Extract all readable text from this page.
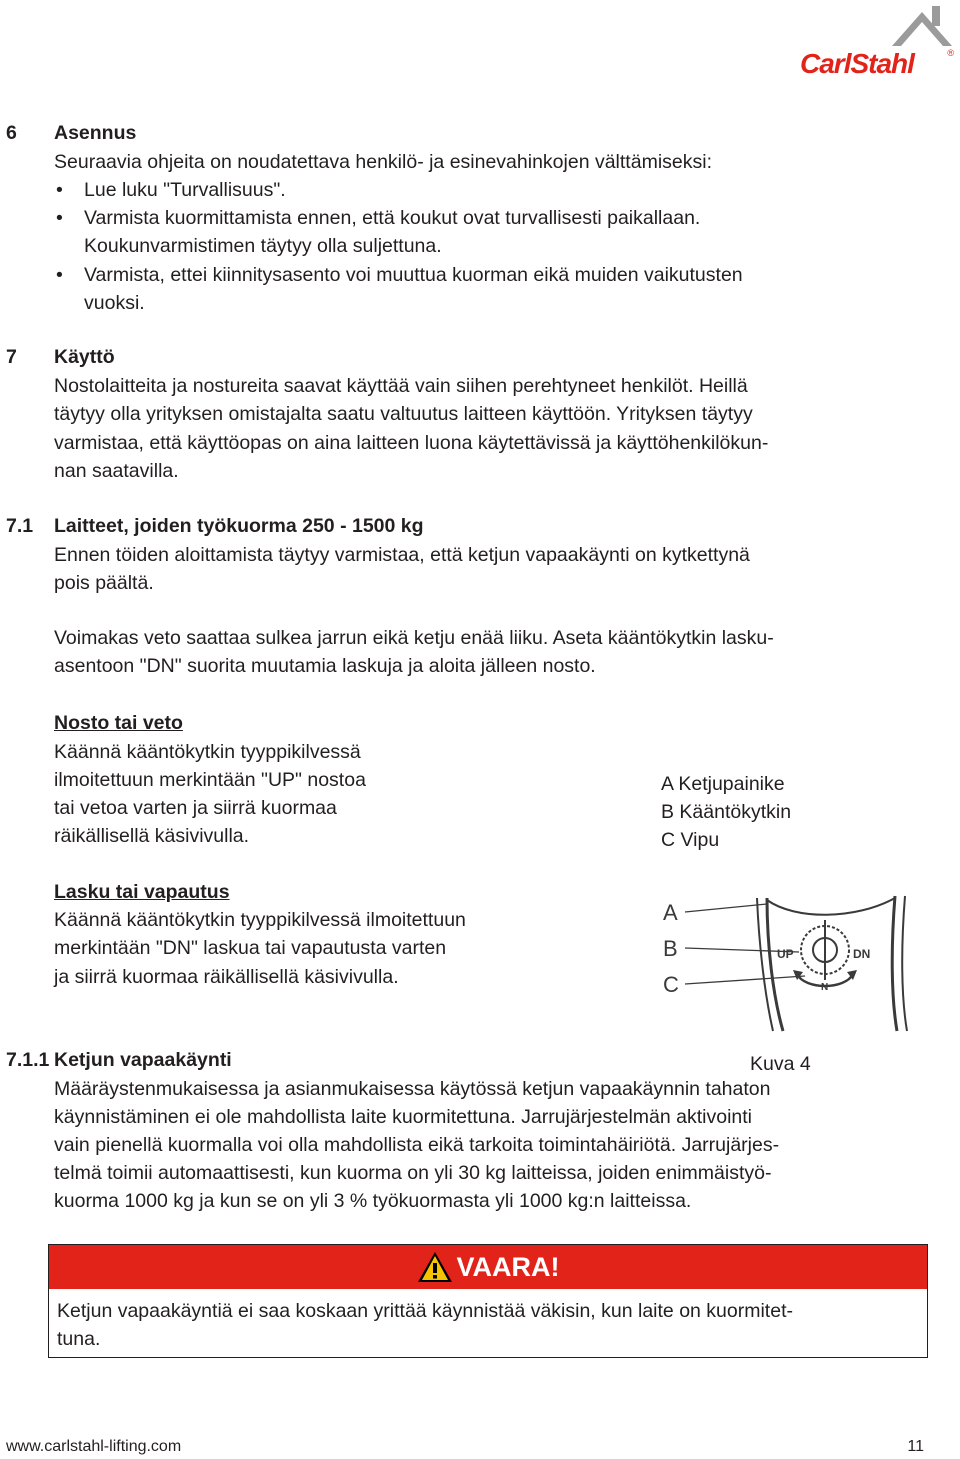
CarlStahl	®
6 Asennus
Seuraavia ohjeita on noudatettava henkilö- ja esinevahinkojen välttämiseksi:
• Lue luku "Turvallisuus".
• Varmista kuormittamista ennen, että koukut ovat turvallisesti paikallaan.
Koukunvarmistimen täytyy olla suljettuna.
• Varmista, ettei kiinnitysasento voi muuttua kuorman eikä muiden vaikutusten
vuoksi.
7 Käyttö
Nostolaitteita ja nostureita saavat käyttää vain siihen perehtyneet henkilöt. Heillä
täytyy olla yrityksen omistajalta saatu valtuutus laitteen käyttöön. Yrityksen täytyy
varmistaa, että käyttöopas on aina laitteen luona käytettävissä ja käyttöhenkilökun-
nan saatavilla.
7.1 Laitteet, joiden työkuorma 250 - 1500 kg
Ennen töiden aloittamista täytyy varmistaa, että ketjun vapaakäynti on kytkettynä
pois päältä.
Voimakas veto saattaa sulkea jarrun eikä ketju enää liiku. Aseta kääntökytkin lasku-
asentoon "DN" suorita muutamia laskuja ja aloita jälleen nosto.
Nosto tai veto
Käännä kääntökytkin tyyppikilvessä
ilmoitettuun merkintään "UP" nostoa
tai vetoa varten ja siirrä kuormaa
räikällisellä käsivivulla.
A Ketjupainike
B Kääntökytkin
C Vipu
Lasku tai vapautus
Käännä kääntökytkin tyyppikilvessä ilmoitettuun
merkintään "DN" laskua tai vapautusta varten
ja siirrä kuormaa räikällisellä käsivivulla.
A
B
C
UP	DN
N
Kuva 4
7.1.1 Ketjun vapaakäynti
Määräystenmukaisessa ja asianmukaisessa käytössä ketjun vapaakäynnin tahaton
käynnistäminen ei ole mahdollista laite kuormitettuna. Jarrujärjestelmän aktivointi
vain pienellä kuormalla voi olla mahdollista eikä tarkoita toimintahäiriötä. Jarrujärjes-
telmä toimii automaattisesti, kun kuorma on yli 30 kg laitteissa, joiden enimmäistyö-
kuorma 1000 kg ja kun se on yli 3 % työkuormasta yli 1000 kg:n laitteissa.
VAARA!
Ketjun vapaakäyntiä ei saa koskaan yrittää käynnistää väkisin, kun laite on kuormitet-
tuna.
www.carlstahl-lifting.com	11
